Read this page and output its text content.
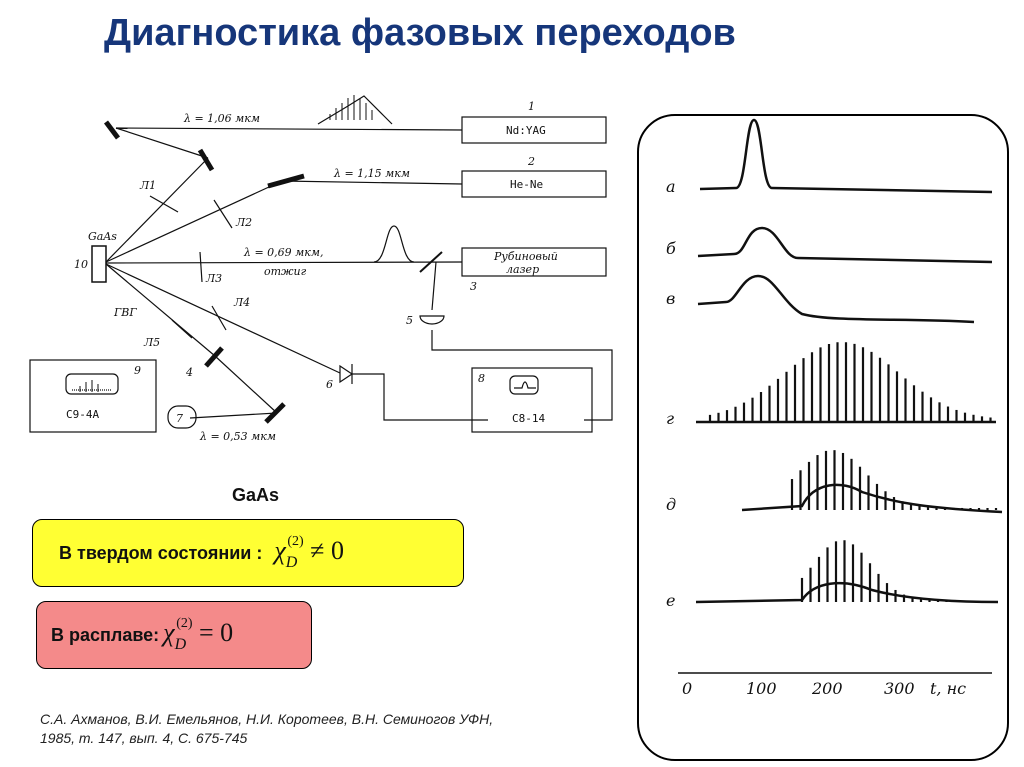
Диагностика фазовых переходов
λ = 1,06 мкм
λ = 1,15 мкм
λ = 0,69 мкм,
отжиг
λ = 0,53 мкм
GaAs
ГВГ
Л1
Л2
Л3
Л4
Л5
1
2
3
4
5
6
7
8
9
10
Nd:YAG
He-Ne
Рубиновый
лазер
С8-14
С9-4А
GaAs
В твердом состоянии : $\chi_D^{(2)} \ne 0$
В расплаве: $\chi_D^{(2)} = 0$
С.А. Ахманов, В.И. Емельянов, Н.И. Коротеев, В.Н. Семиногов УФН,
1985, т. 147, вып. 4, С. 675-745
а
б
в
г
д
е
0	100 200	300 t, нс
